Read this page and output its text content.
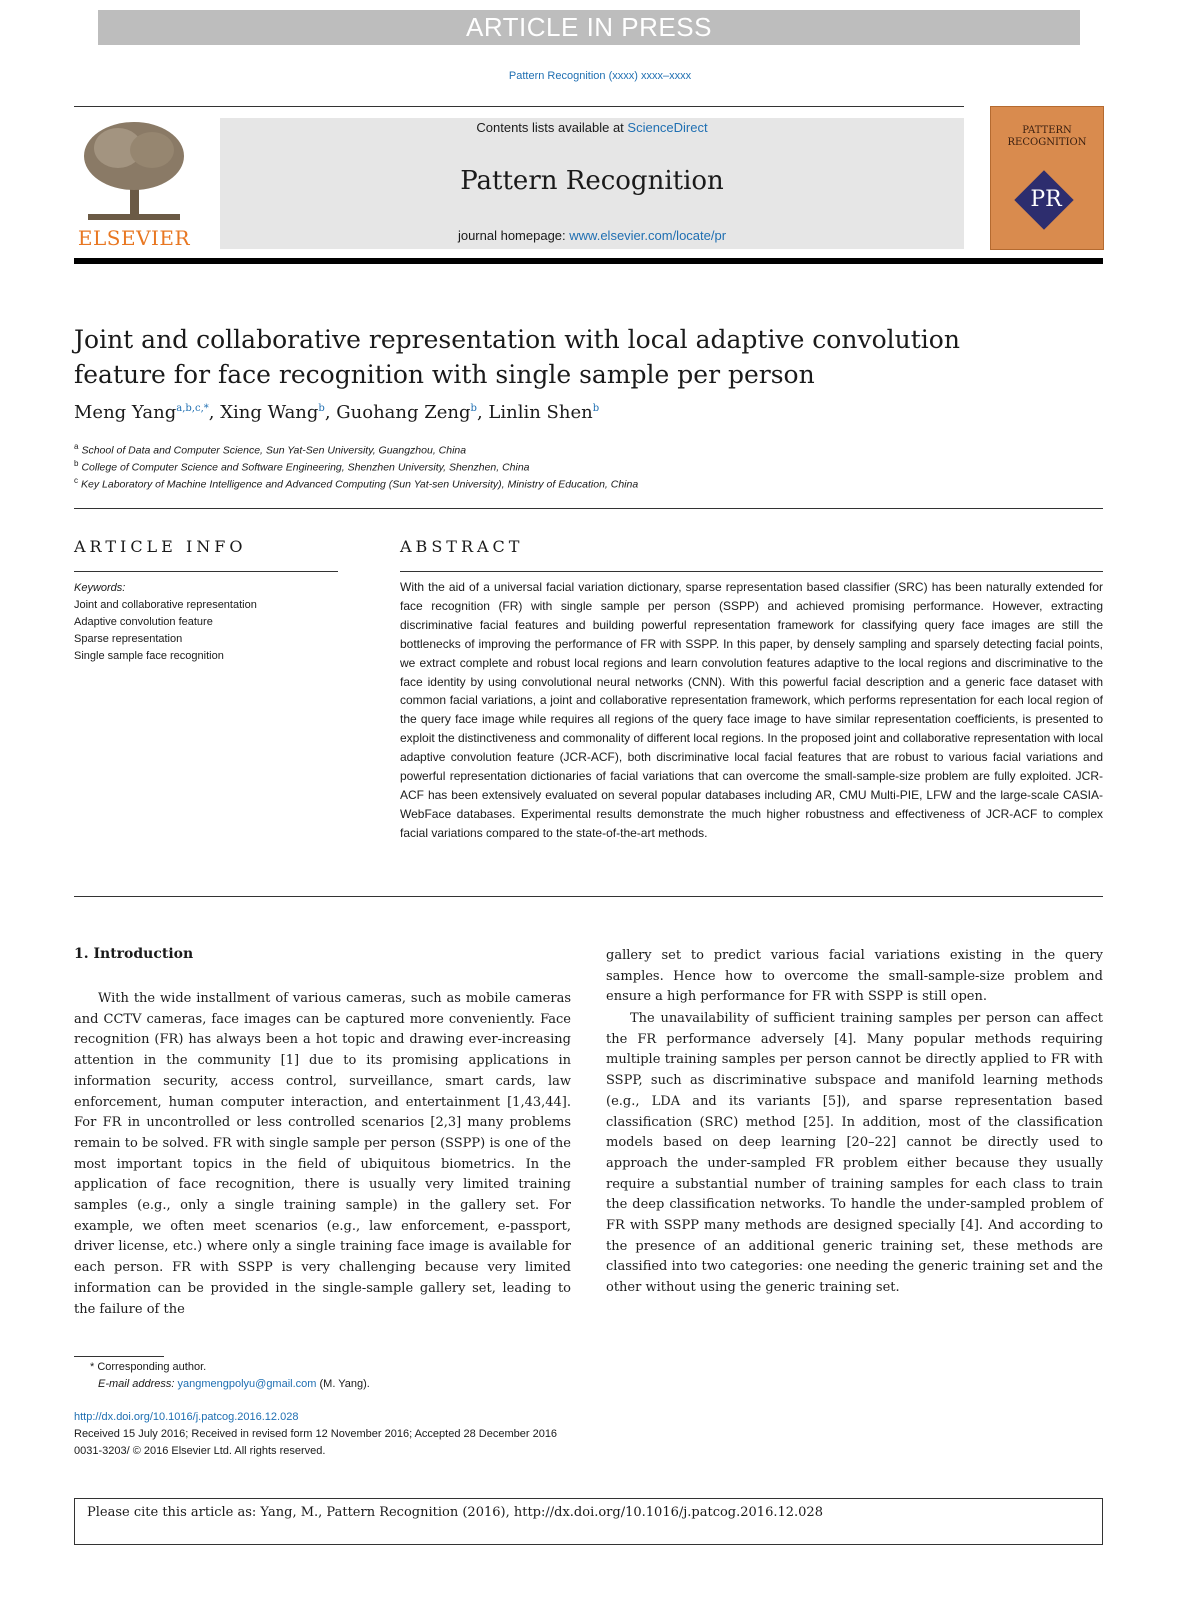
ARTICLE IN PRESS
Pattern Recognition (xxxx) xxxx–xxxx
ELSEVIER
Contents lists available at ScienceDirect
Pattern Recognition
journal homepage: www.elsevier.com/locate/pr
PATTERN RECOGNITION
PR
Joint and collaborative representation with local adaptive convolution feature for face recognition with single sample per person
Meng Yang$^{a,b,c,*}$, Xing Wang$^b$, Guohang Zeng$^b$, Linlin Shen$^b$
$^a$ School of Data and Computer Science, Sun Yat-Sen University, Guangzhou, China
$^b$ College of Computer Science and Software Engineering, Shenzhen University, Shenzhen, China
$^c$ Key Laboratory of Machine Intelligence and Advanced Computing (Sun Yat-sen University), Ministry of Education, China
ARTICLE INFO
Keywords:
Joint and collaborative representation
Adaptive convolution feature
Sparse representation
Single sample face recognition
ABSTRACT

With the aid of a universal facial variation dictionary, sparse representation based classifier (SRC) has been naturally extended for face recognition (FR) with single sample per person (SSPP) and achieved promising performance. However, extracting discriminative facial features and building powerful representation framework for classifying query face images are still the bottlenecks of improving the performance of FR with SSPP. In this paper, by densely sampling and sparsely detecting facial points, we extract complete and robust local regions and learn convolution features adaptive to the local regions and discriminative to the face identity by using convolutional neural networks (CNN). With this powerful facial description and a generic face dataset with common facial variations, a joint and collaborative representation framework, which performs representation for each local region of the query face image while requires all regions of the query face image to have similar representation coefficients, is presented to exploit the distinctiveness and commonality of different local regions. In the proposed joint and collaborative representation with local adaptive convolution feature (JCR-ACF), both discriminative local facial features that are robust to various facial variations and powerful representation dictionaries of facial variations that can overcome the small-sample-size problem are fully exploited. JCR-ACF has been extensively evaluated on several popular databases including AR, CMU Multi-PIE, LFW and the large-scale CASIA-WebFace databases. Experimental results demonstrate the much higher robustness and effectiveness of JCR-ACF to complex facial variations compared to the state-of-the-art methods.

1. Introduction

With the wide installment of various cameras, such as mobile cameras and CCTV cameras, face images can be captured more conveniently. Face recognition (FR) has always been a hot topic and drawing ever-increasing attention in the community [1] due to its promising applications in information security, access control, surveillance, smart cards, law enforcement, human computer interaction, and entertainment [1,43,44]. For FR in uncontrolled or less controlled scenarios [2,3] many problems remain to be solved. FR with single sample per person (SSPP) is one of the most important topics in the field of ubiquitous biometrics. In the application of face recognition, there is usually very limited training samples (e.g., only a single training sample) in the gallery set. For example, we often meet scenarios (e.g., law enforcement, e-passport, driver license, etc.) where only a single training face image is available for each person. FR with SSPP is very challenging because very limited information can be provided in the single-sample gallery set, leading to the failure of the

gallery set to predict various facial variations existing in the query samples. Hence how to overcome the small-sample-size problem and ensure a high performance for FR with SSPP is still open.

The unavailability of sufficient training samples per person can affect the FR performance adversely [4]. Many popular methods requiring multiple training samples per person cannot be directly applied to FR with SSPP, such as discriminative subspace and manifold learning methods (e.g., LDA and its variants [5]), and sparse representation based classification (SRC) method [25]. In addition, most of the classification models based on deep learning [20–22] cannot be directly used to approach the under-sampled FR problem either because they usually require a substantial number of training samples for each class to train the deep classification networks. To handle the under-sampled problem of FR with SSPP many methods are designed specially [4]. And according to the presence of an additional generic training set, these methods are classified into two categories: one needing the generic training set and the other without using the generic training set.

* Corresponding author.
E-mail address: yangmengpolyu@gmail.com (M. Yang).
http://dx.doi.org/10.1016/j.patcog.2016.12.028
Received 15 July 2016; Received in revised form 12 November 2016; Accepted 28 December 2016
0031-3203/ © 2016 Elsevier Ltd. All rights reserved.
Please cite this article as: Yang, M., Pattern Recognition (2016), http://dx.doi.org/10.1016/j.patcog.2016.12.028
